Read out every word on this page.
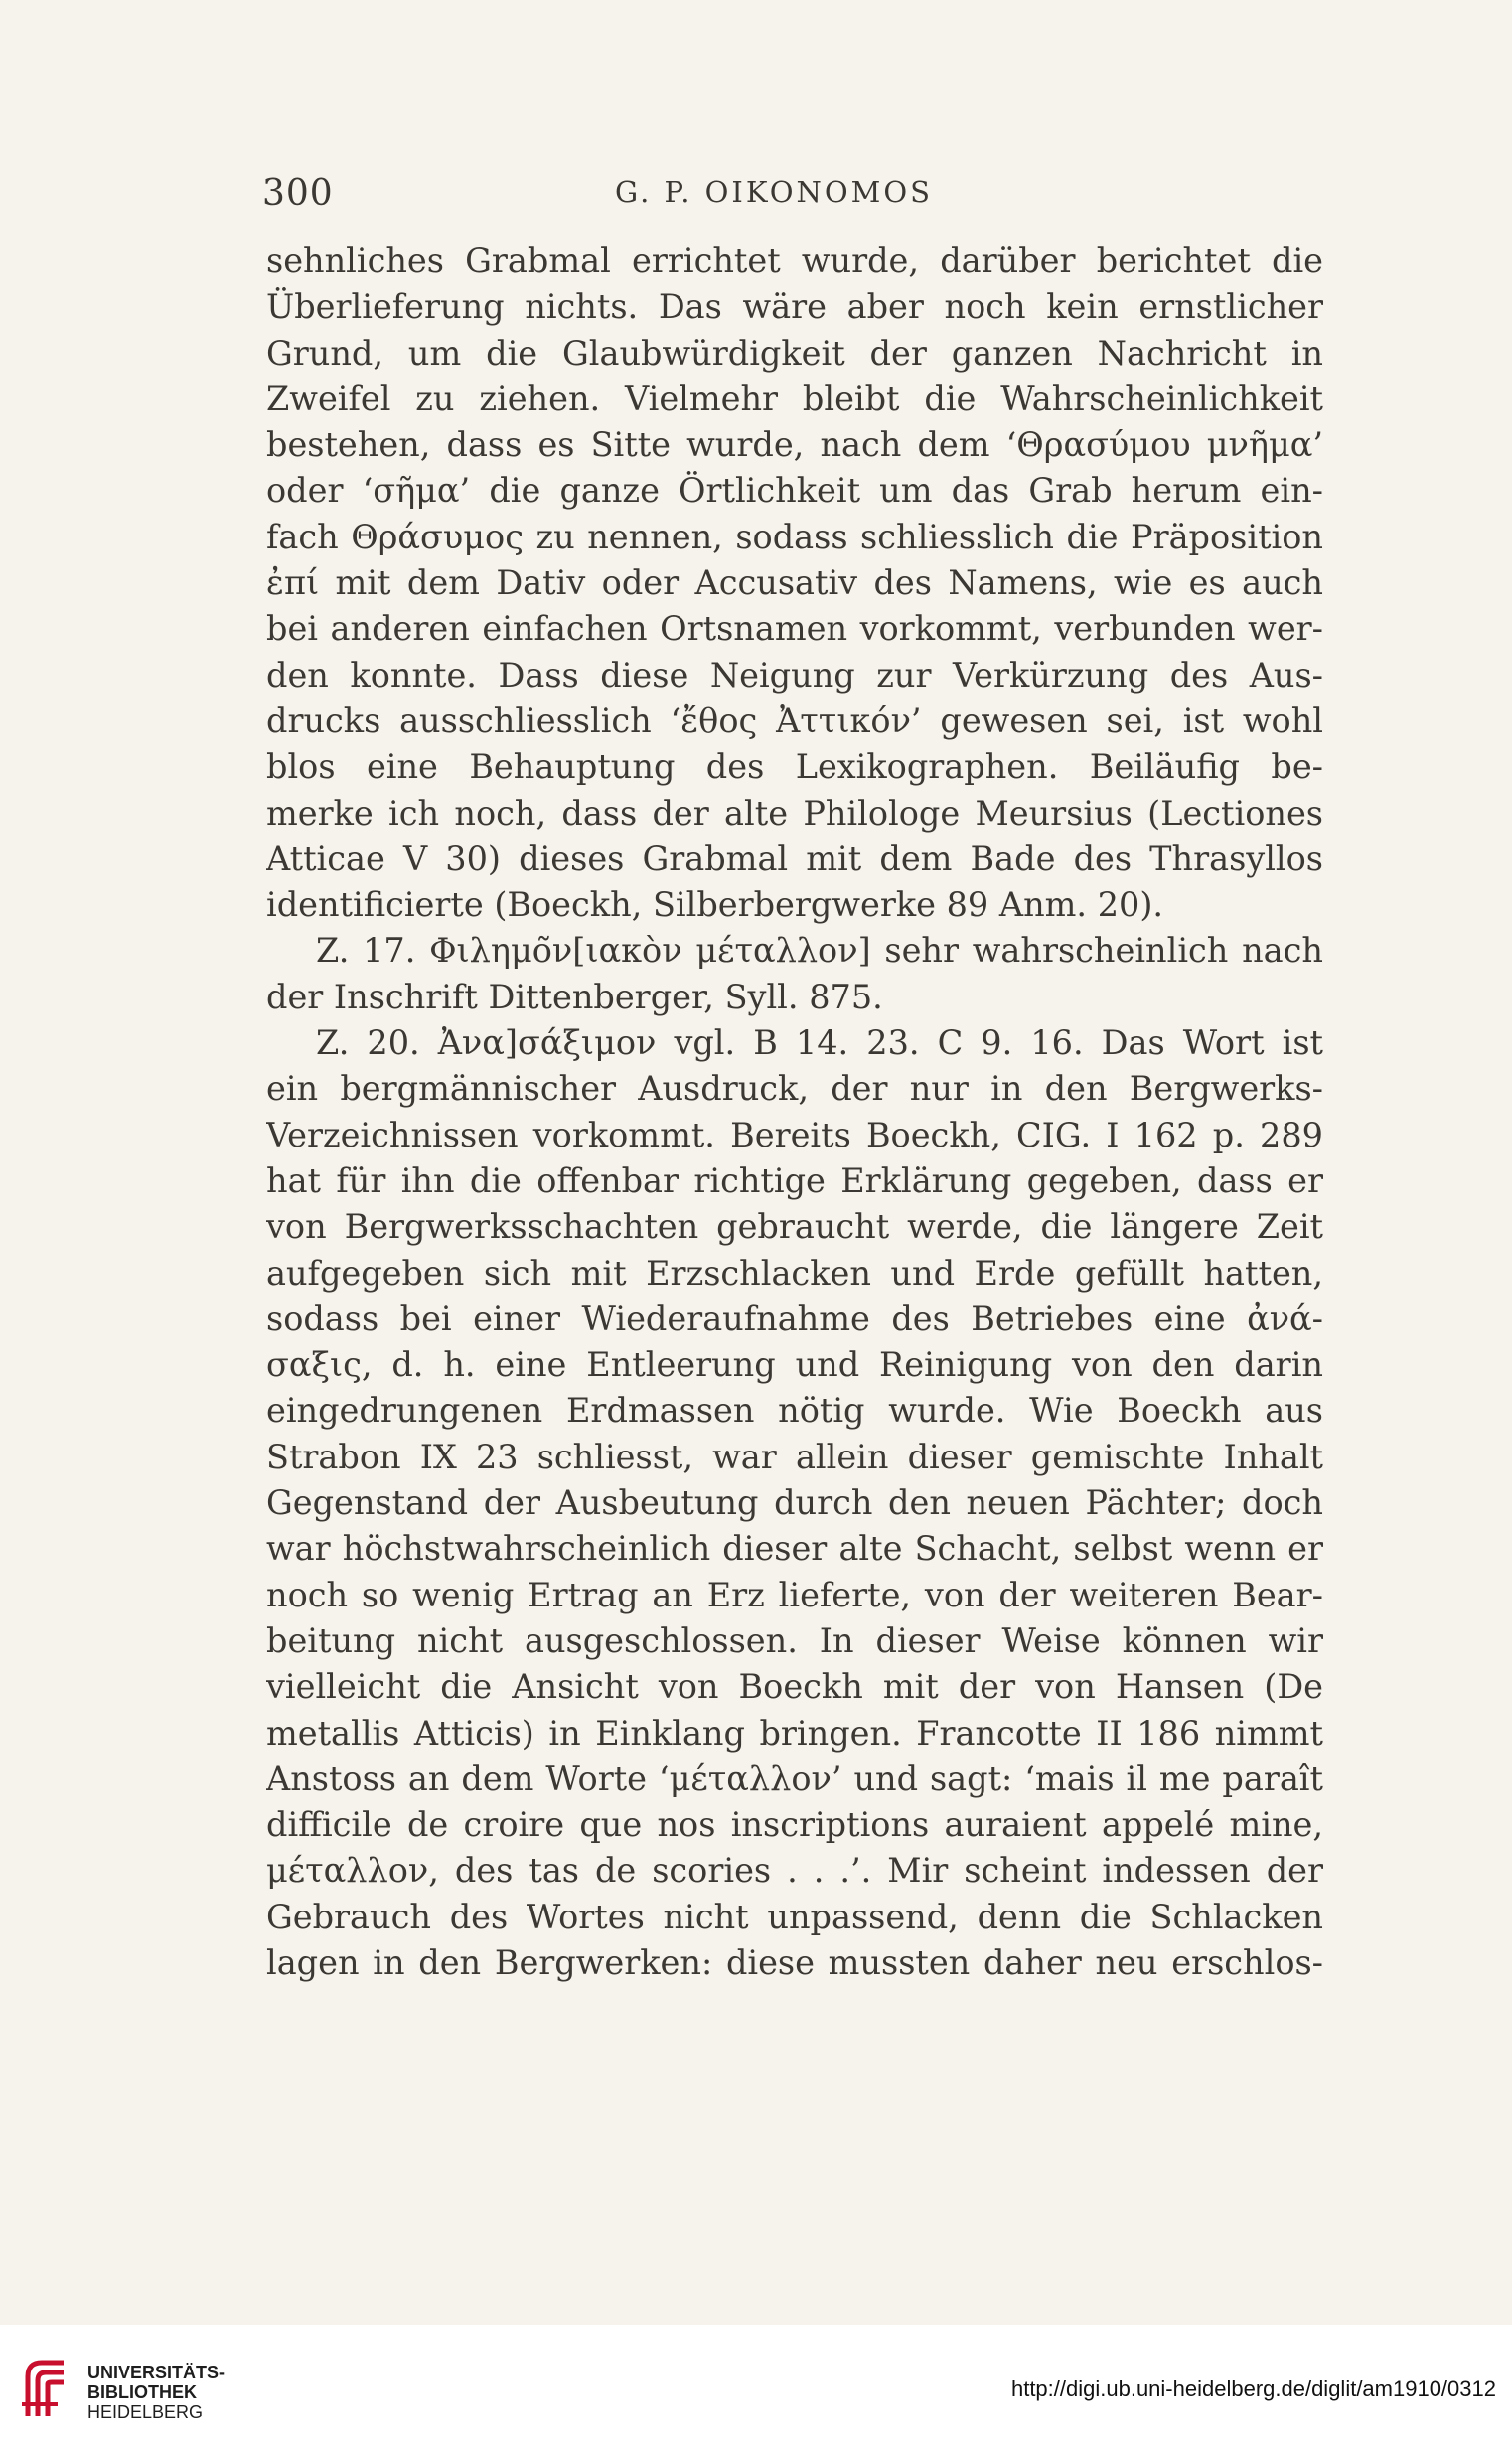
300	G. P. OIKONOMOS
sehnliches Grabmal errichtet wurde, darüber berichtet die
Überlieferung nichts. Das wäre aber noch kein ernstlicher
Grund, um die Glaubwürdigkeit der ganzen Nachricht in
Zweifel zu ziehen. Vielmehr bleibt die Wahrscheinlichkeit
bestehen, dass es Sitte wurde, nach dem ‘Θρασύμου μνῆμα’
oder ‘σῆμα’ die ganze Örtlichkeit um das Grab herum ein-
fach Θράσυμος zu nennen, sodass schliesslich die Präposition
ἐπί mit dem Dativ oder Accusativ des Namens, wie es auch
bei anderen einfachen Ortsnamen vorkommt, verbunden wer-
den konnte. Dass diese Neigung zur Verkürzung des Aus-
drucks ausschliesslich ‘ἔθος Ἀττικόν’ gewesen sei, ist wohl
blos eine Behauptung des Lexikographen. Beiläufig be-
merke ich noch, dass der alte Philologe Meursius (Lectiones
Atticae V 30) dieses Grabmal mit dem Bade des Thrasyllos
identificierte (Boeckh, Silberbergwerke 89 Anm. 20).
Z. 17. Φιλημο̃ν[ιακὸν μέταλλον] sehr wahrscheinlich nach
der Inschrift Dittenberger, Syll. 875.
Z. 20. Ἀνα]σάξιμον vgl. B 14. 23. C 9. 16. Das Wort ist
ein bergmännischer Ausdruck, der nur in den Bergwerks-
Verzeichnissen vorkommt. Bereits Boeckh, CIG. I 162 p. 289
hat für ihn die offenbar richtige Erklärung gegeben, dass er
von Bergwerksschachten gebraucht werde, die längere Zeit
aufgegeben sich mit Erzschlacken und Erde gefüllt hatten,
sodass bei einer Wiederaufnahme des Betriebes eine ἀνά-
σαξις, d. h. eine Entleerung und Reinigung von den darin
eingedrungenen Erdmassen nötig wurde. Wie Boeckh aus
Strabon IX 23 schliesst, war allein dieser gemischte Inhalt
Gegenstand der Ausbeutung durch den neuen Pächter; doch
war höchstwahrscheinlich dieser alte Schacht, selbst wenn er
noch so wenig Ertrag an Erz lieferte, von der weiteren Bear-
beitung nicht ausgeschlossen. In dieser Weise können wir
vielleicht die Ansicht von Boeckh mit der von Hansen (De
metallis Atticis) in Einklang bringen. Francotte II 186 nimmt
Anstoss an dem Worte ‘μέταλλον’ und sagt: ‘mais il me paraît
difficile de croire que nos inscriptions auraient appelé mine,
μέταλλον, des tas de scories . . .’. Mir scheint indessen der
Gebrauch des Wortes nicht unpassend, denn die Schlacken
lagen in den Bergwerken: diese mussten daher neu erschlos-
UNIVERSITÄTS-
BIBLIOTHEK
HEIDELBERG
http://digi.ub.uni-heidelberg.de/diglit/am1910/0312
